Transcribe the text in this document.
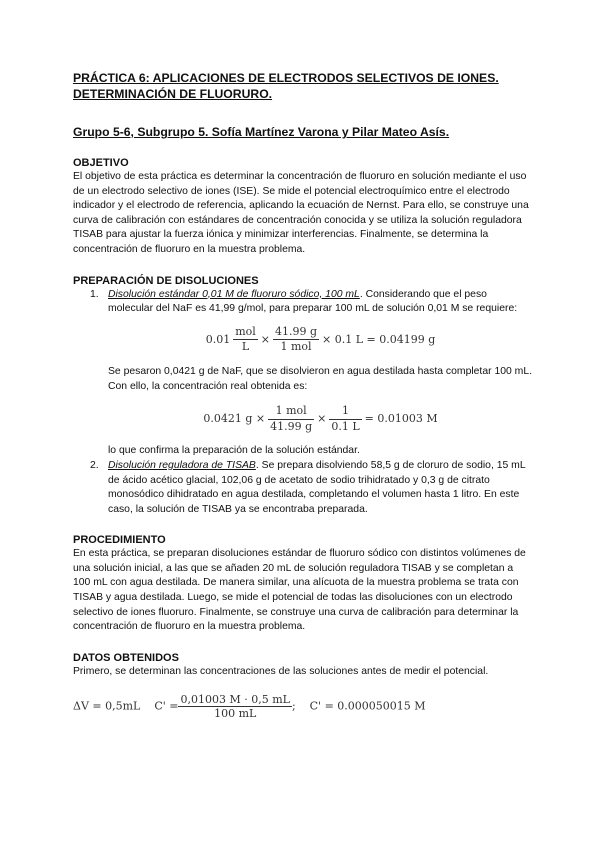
PRÁCTICA 6: APLICACIONES DE ELECTRODOS SELECTIVOS DE IONES.

DETERMINACIÓN DE FLUORURO.

Grupo 5-6, Subgrupo 5. Sofía Martínez Varona y Pilar Mateo Asís.

OBJETIVO

El objetivo de esta práctica es determinar la concentración de fluoruro en solución mediante el uso de un electrodo selectivo de iones (ISE). Se mide el potencial electroquímico entre el electrodo indicador y el electrodo de referencia, aplicando la ecuación de Nernst. Para ello, se construye una curva de calibración con estándares de concentración conocida y se utiliza la solución reguladora TISAB para ajustar la fuerza iónica y minimizar interferencias. Finalmente, se determina la concentración de fluoruro en la muestra problema.

PREPARACIÓN DE DISOLUCIONES
1. Disolución estándar 0,01 M de fluoruro sódico, 100 mL. Considerando que el peso molecular del NaF es 41,99 g/mol, para preparar 100 mL de solución 0,01 M se requiere:
$0.01 \frac{\text{mol}}{L} \times \frac{41.99 g}{\text{1 mol}} \times 0.1$ L = 0.04199 g

Se pesaron 0,0421 g de NaF, que se disolvieron en agua destilada hasta completar 100 mL. Con ello, la concentración real obtenida es:

0.0421 $g \times \frac{\text{1 mol}}{41.99 g} \times \frac{1}{0.1 L} = 0.01003$ M

lo que confirma la preparación de la solución estándar.

2. Disolución reguladora de TISAB. Se prepara disolviendo 58,5 g de cloruro de sodio, 15 mL de ácido acético glacial, 102,06 g de acetato de sodio trihidratado y 0,3 g de citrato monosódico dihidratado en agua destilada, completando el volumen hasta 1 litro. En este caso, la solución de TISAB ya se encontraba preparada.
PROCEDIMIENTO

En esta práctica, se preparan disoluciones estándar de fluoruro sódico con distintos volúmenes de una solución inicial, a las que se añaden 20 mL de solución reguladora TISAB y se completan a 100 mL con agua destilada. De manera similar, una alícuota de la muestra problema se trata con TISAB y agua destilada. Luego, se mide el potencial de todas las disoluciones con un electrodo selectivo de iones fluoruro. Finalmente, se construye una curva de calibración para determinar la concentración de fluoruro en la muestra problema.

DATOS OBTENIDOS

Primero, se determinan las concentraciones de las soluciones antes de medir el potencial.

ΔV = 0,5mL    $C' = \frac{0,01003 M \cdot 0,5 mL}{100 mL}$ ;    C' = 0.000050015 M
